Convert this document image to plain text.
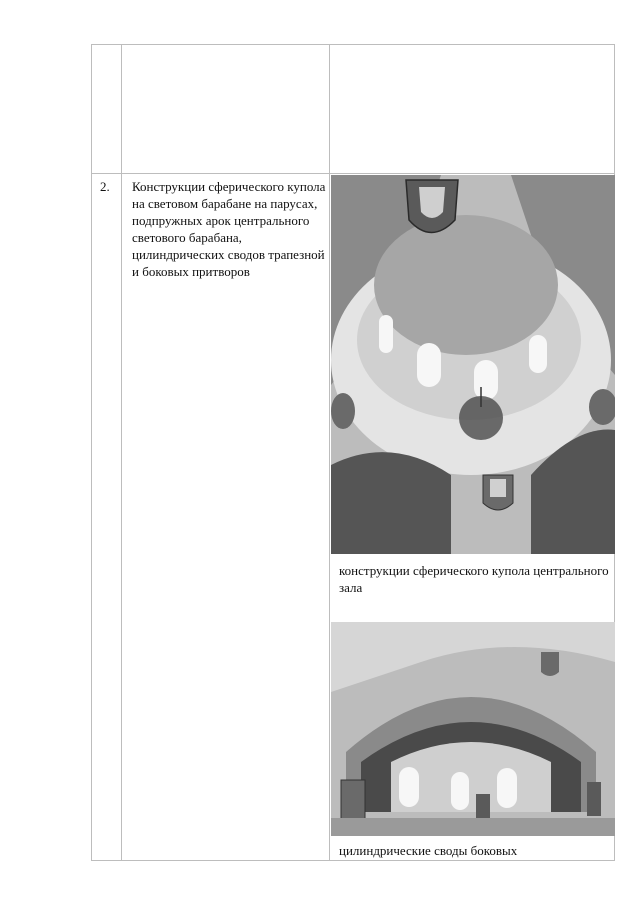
2. Конструкции сферического купола на световом барабане на парусах, подпружных арок центрального светового барабана, цилиндрических сводов трапезной и боковых притворов

конструкции сферического купола центрального зала

цилиндрические своды боковых
